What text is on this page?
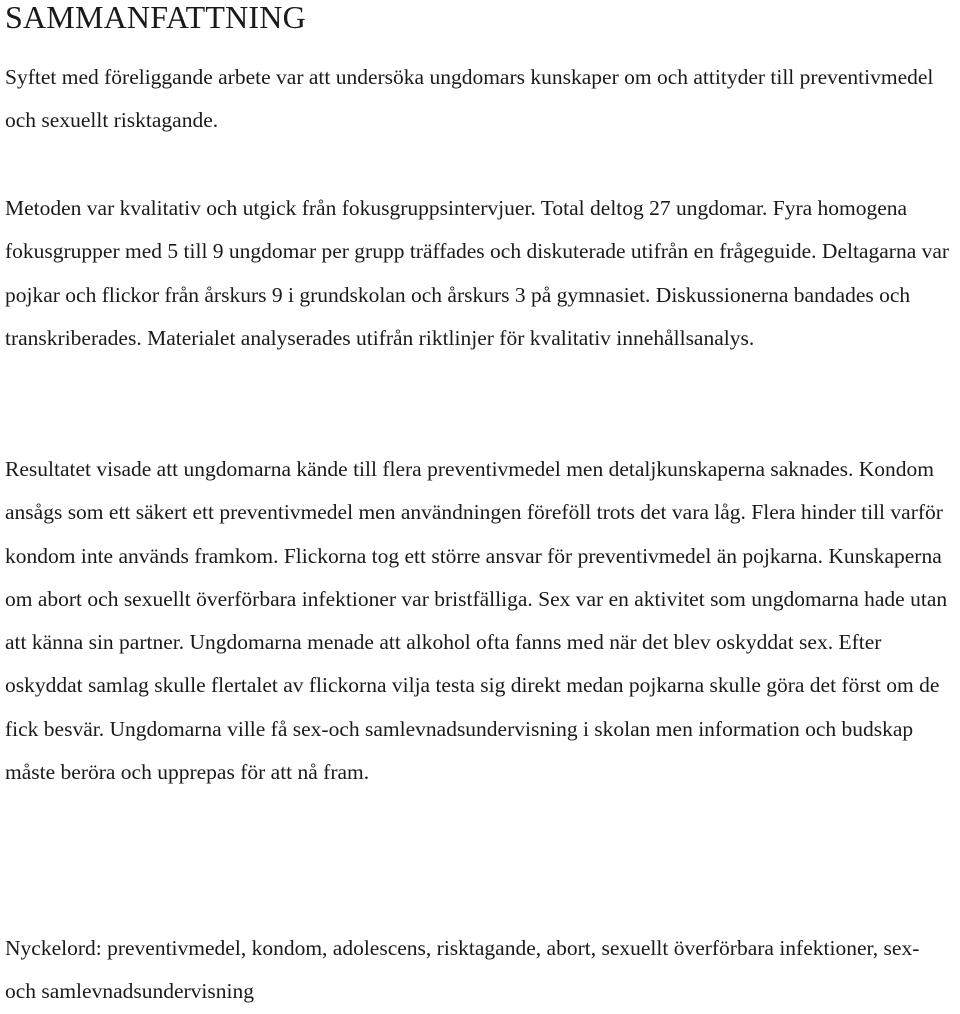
SAMMANFATTNING

Syftet med föreliggande arbete var att undersöka ungdomars kunskaper om och attityder till preventivmedel och sexuellt risktagande.

Metoden var kvalitativ och utgick från fokusgruppsintervjuer. Total deltog 27 ungdomar. Fyra homogena fokusgrupper med 5 till 9 ungdomar per grupp träffades och diskuterade utifrån en frågeguide. Deltagarna var pojkar och flickor från årskurs 9 i grundskolan och årskurs 3 på gymnasiet. Diskussionerna bandades och transkriberades. Materialet analyserades utifrån riktlinjer för kvalitativ innehållsanalys.

Resultatet visade att ungdomarna kände till flera preventivmedel men detaljkunskaperna saknades. Kondom ansågs som ett säkert ett preventivmedel men användningen föreföll trots det vara låg. Flera hinder till varför kondom inte används framkom. Flickorna tog ett större ansvar för preventivmedel än pojkarna. Kunskaperna om abort och sexuellt överförbara infektioner var bristfälliga. Sex var en aktivitet som ungdomarna hade utan att känna sin partner. Ungdomarna menade att alkohol ofta fanns med när det blev oskyddat sex. Efter oskyddat samlag skulle flertalet av flickorna vilja testa sig direkt medan pojkarna skulle göra det först om de fick besvär. Ungdomarna ville få sex-och samlevnadsundervisning i skolan men information och budskap måste beröra och upprepas för att nå fram.

Nyckelord: preventivmedel, kondom, adolescens, risktagande, abort, sexuellt överförbara infektioner, sex- och samlevnadsundervisning
